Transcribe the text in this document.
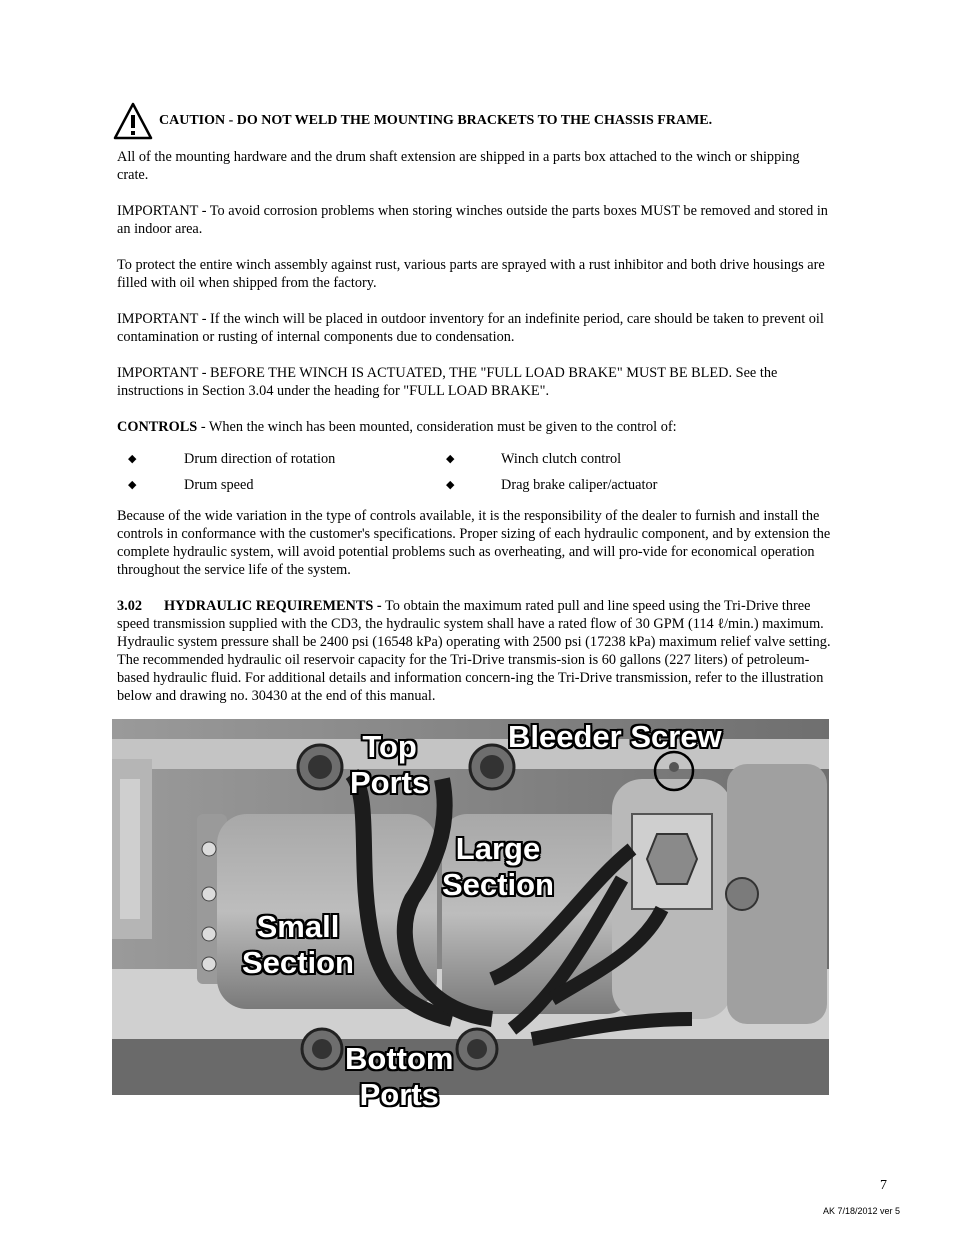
CAUTION - DO NOT WELD THE MOUNTING BRACKETS TO THE CHASSIS FRAME.

All of the mounting hardware and the drum shaft extension are shipped in a parts box attached to the winch or shipping crate.

IMPORTANT - To avoid corrosion problems when storing winches outside the parts boxes MUST be removed and stored in an indoor area.

To protect the entire winch assembly against rust, various parts are sprayed with a rust inhibitor and both drive housings are filled with oil when shipped from the factory.

IMPORTANT - If the winch will be placed in outdoor inventory for an indefinite period, care should be taken to prevent oil contamination or rusting of internal components due to condensation.

IMPORTANT - BEFORE THE WINCH IS ACTUATED, THE "FULL LOAD BRAKE" MUST BE BLED. See the instructions in Section 3.04 under the heading for "FULL LOAD BRAKE".

CONTROLS - When the winch has been mounted, consideration must be given to the control of:

◆	Drum direction of rotation	◆	Winch clutch control
◆	Drum speed	◆	Drag brake caliper/actuator

Because of the wide variation in the type of controls available, it is the responsibility of the dealer to furnish and install the controls in conformance with the customer's specifications. Proper sizing of each hydraulic component, and by extension the complete hydraulic system, will avoid potential problems such as overheating, and will pro-vide for economical operation throughout the service life of the system.

3.02 HYDRAULIC REQUIREMENTS - To obtain the maximum rated pull and line speed using the Tri-Drive three speed transmission supplied with the CD3, the hydraulic system shall have a rated flow of 30 GPM (114 ℓ/min.) maximum. Hydraulic system pressure shall be 2400 psi (16548 kPa) operating with 2500 psi (17238 kPa) maximum relief valve setting. The recommended hydraulic oil reservoir capacity for the Tri-Drive transmis-sion is 60 gallons (227 liters) of petroleum-based hydraulic fluid. For additional details and information concern-ing the Tri-Drive transmission, refer to the illustration below and drawing no. 30430 at the end of this manual.

Top
Ports
Bleeder Screw
Large
Section
Small
Section
Bottom
Ports
7
AK 7/18/2012 ver 5
